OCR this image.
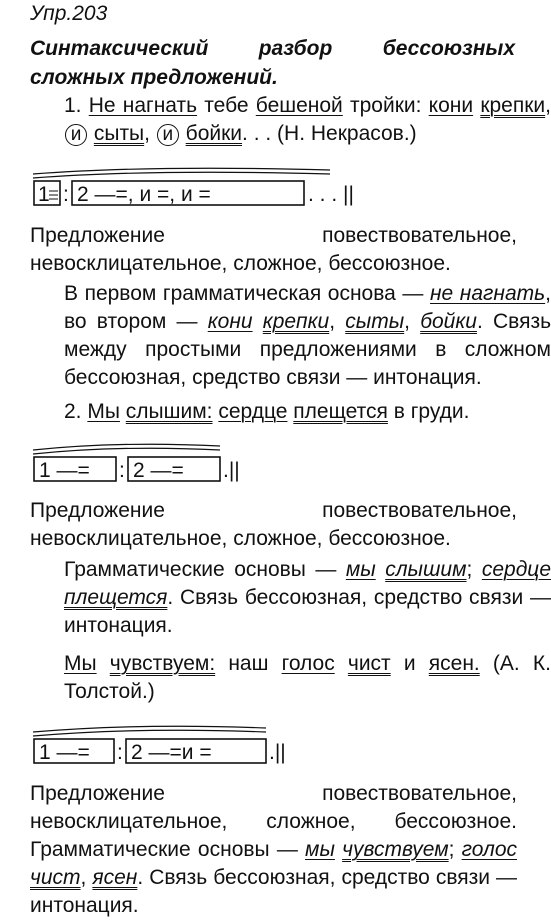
Упр.203
Синтаксический разбор бессоюзных сложных предложений.
1. Не нагнать тебе бешеной тройки: кони крепки, и сыты, и бойки. . . (Н. Некрасов.)
1 : 2 —=, и =, и =	. . . ||
Предложение повествовательное, невосклицательное, сложное, бессоюзное.
В первом грамматическая основа — не нагнать, во втором — кони крепки, сыты, бойки. Связь между простыми предложениями в сложном бессоюзная, средство связи — интонация.
2. Мы слышим: сердце плещется в груди.
1 —= : 2 —= .||
Предложение повествовательное, невосклицательное, сложное, бессоюзное.
Грамматические основы — мы слышим; сердце плещется. Связь бессоюзная, средство связи — интонация.
Мы чувствуем: наш голос чист и ясен. (А. К. Толстой.)
1 —= : 2 —=и =	.||
Предложение повествовательное, невосклицательное, сложное, бессоюзное. Грамматические основы — мы чувствуем; голос чист, ясен. Связь бессоюзная, средство связи — интонация.
